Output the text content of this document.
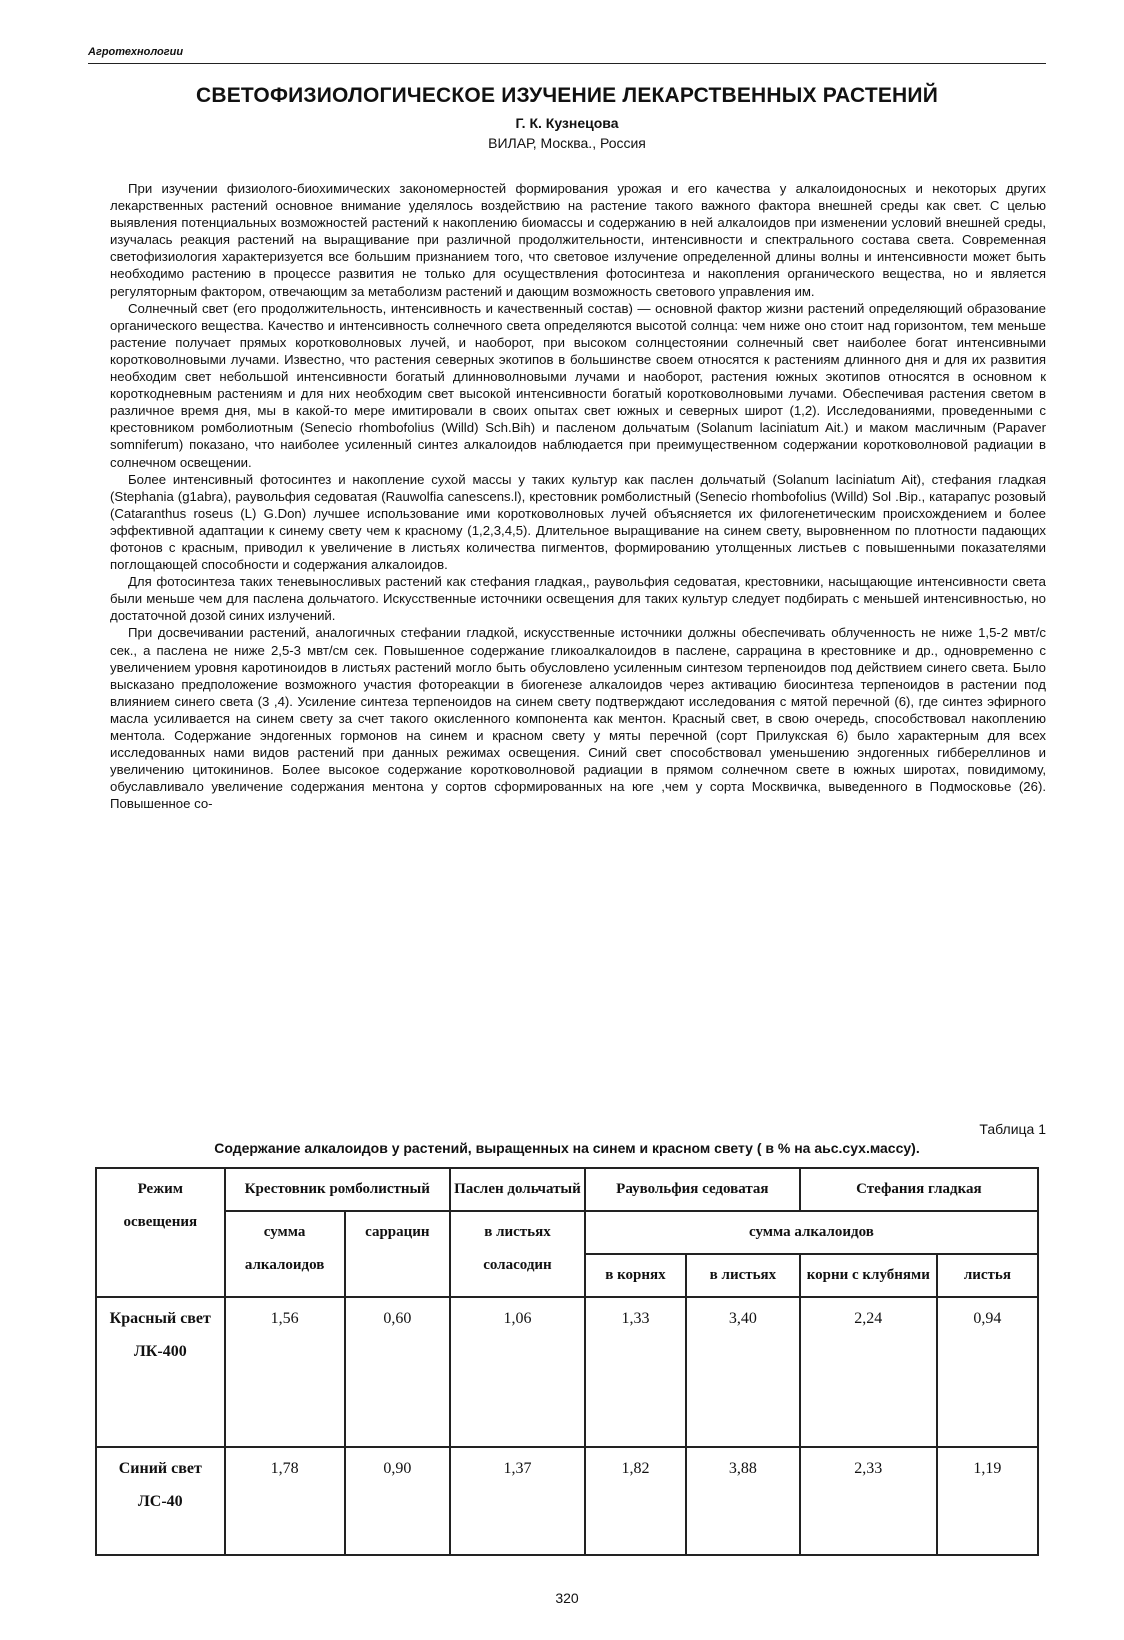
Агротехнологии
СВЕТОФИЗИОЛОГИЧЕСКОЕ ИЗУЧЕНИЕ ЛЕКАРСТВЕННЫХ РАСТЕНИЙ
Г. К. Кузнецова
ВИЛАР, Москва., Россия

При изучении физиолого-биохимических закономерностей формирования урожая и его качества у алкалоидоносных и некоторых других лекарственных растений основное внимание уделялось воздействию на растение такого важного фактора внешней среды как свет. С целью выявления потенциальных возможностей растений к накоплению биомассы и содержанию в ней алкалоидов при изменении условий внешней среды, изучалась реакция растений на выращивание при различной продолжительности, интенсивности и спектрального состава света. Современная светофизиология характеризуется все большим признанием того, что световое излучение определенной длины волны и интенсивности может быть необходимо растению в процессе развития не только для осуществления фотосинтеза и накопления органического вещества, но и является регуляторным фактором, отвечающим за метаболизм растений и дающим возможность светового управления им.

Солнечный свет (его продолжительность, интенсивность и качественный состав) — основной фактор жизни растений определяющий образование органического вещества. Качество и интенсивность солнечного света определяются высотой солнца: чем ниже оно стоит над горизонтом, тем меньше растение получает прямых коротковолновых лучей, и наоборот, при высоком солнцестоянии солнечный свет наиболее богат интенсивными коротковолновыми лучами. Известно, что растения северных экотипов в большинстве своем относятся к растениям длинного дня и для их развития необходим свет небольшой интенсивности богатый длинноволновыми лучами и наоборот, растения южных экотипов относятся в основном к короткодневным растениям и для них необходим свет высокой интенсивности богатый коротковолновыми лучами. Обеспечивая растения светом в различное время дня, мы в какой-то мере имитировали в своих опытах свет южных и северных широт (1,2). Исследованиями, проведенными с крестовником ромболиотным (Senecio rhombofolius (Willd) Sch.Bih) и пасленом дольчатым (Solanum laciniatum Ait.) и маком масличным (Papaver somniferum) показано, что наиболее усиленный синтез алкалоидов наблюдается при преимущественном содержании коротковолновой радиации в солнечном освещении.

Более интенсивный фотосинтез и накопление сухой массы у таких культур как паслен дольчатый (Solanum laciniatum Ait), стефания гладкая (Stephania (g1abra), раувольфия седоватая (Rauwolfia canescens.l), крестовник ромболистный (Senecio rhombofolius (Willd) Sol .Bip., катарапус розовый (Cataranthus roseus (L) G.Don) лучшее использование ими коротковолновых лучей объясняется их филогенетическим происхождением и более эффективной адаптации к синему свету чем к красному (1,2,3,4,5). Длительное выращивание на синем свету, выровненном по плотности падающих фотонов с красным, приводил к увеличение в листьях количества пигментов, формированию утолщенных листьев с повышенными показателями поглощающей способности и содержания алкалоидов.

Для фотосинтеза таких теневыносливых растений как стефания гладкая,, раувольфия седоватая, крестовники, насыщающие интенсивности света были меньше чем для паслена дольчатого. Искусственные источники освещения для таких культур следует подбирать с меньшей интенсивностью, но достаточной дозой синих излучений.

При досвечивании растений, аналогичных стефании гладкой, искусственные источники должны обеспечивать облученность не ниже 1,5-2 мвт/с сек., а паслена не ниже 2,5-3 мвт/см сек. Повышенное содержание гликоалкалоидов в паслене, саррацина в крестовнике и др., одновременно с увеличением уровня каротиноидов в листьях растений могло быть обусловлено усиленным синтезом терпеноидов под действием синего света. Было высказано предположение возможного участия фотореакции в биогенезе алкалоидов через активацию биосинтеза терпеноидов в растении под влиянием синего света (3 ,4). Усиление синтеза терпеноидов на синем свету подтверждают исследования с мятой перечной (6), где синтез эфирного масла усиливается на синем свету за счет такого окисленного компонента как ментон. Красный свет, в свою очередь, способствовал накоплению ментола. Содержание эндогенных гормонов на синем и красном свету у мяты перечной (сорт Прилукская 6) было характерным для всех исследованных нами видов растений при данных режимах освещения. Синий свет способствовал уменьшению эндогенных гиббереллинов и увеличению цитокининов. Более высокое содержание коротковолновой радиации в прямом солнечном свете в южных широтах, повидимому, обуславливало увеличение содержания ментона у сортов сформированных на юге ,чем у сорта Москвичка, выведенного в Подмосковье (26). Повышенное со-

Таблица 1
Содержание алкалоидов у растений, выращенных на синем и красном свету ( в % на аьс.сух.массу).
Режим освещения	Крестовник ромболистный		Паслен дольчатый	Раувольфия седоватая		Стефания гладкая	
	сумма алкалоидов	саррацин	в листьях соласодин	сумма алкалоидов			
				в корнях	в листьях	корни с клубнями	листья
Красный свет ЛК-400	1,56	0,60	1,06	1,33	3,40	2,24	0,94
Синий свет ЛС-40	1,78	0,90	1,37	1,82	3,88	2,33	1,19
320
